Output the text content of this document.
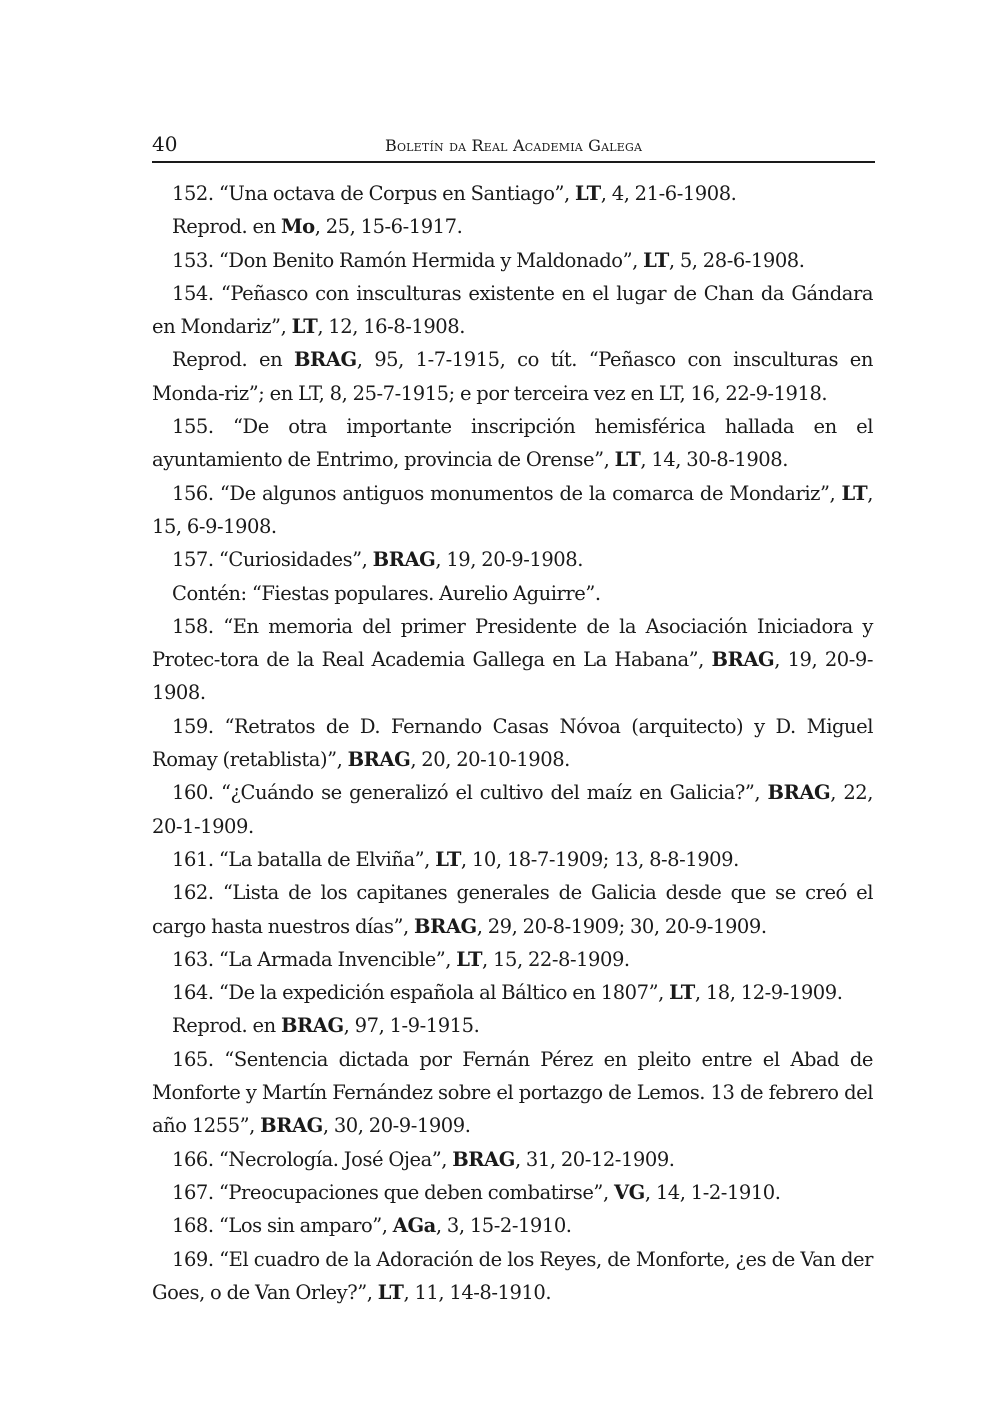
40	Boletín da Real Academia Galega

152. “Una octava de Corpus en Santiago”, LT, 4, 21-6-1908.

Reprod. en Mo, 25, 15-6-1917.

153. “Don Benito Ramón Hermida y Maldonado”, LT, 5, 28-6-1908.

154. “Peñasco con insculturas existente en el lugar de Chan da Gándara en Mondariz”, LT, 12, 16-8-1908.

Reprod. en BRAG, 95, 1-7-1915, co tít. “Peñasco con insculturas en Monda-riz”; en LT, 8, 25-7-1915; e por terceira vez en LT, 16, 22-9-1918.

155. “De otra importante inscripción hemisférica hallada en el ayuntamiento de Entrimo, provincia de Orense”, LT, 14, 30-8-1908.

156. “De algunos antiguos monumentos de la comarca de Mondariz”, LT, 15, 6-9-1908.

157. “Curiosidades”, BRAG, 19, 20-9-1908.

Contén: “Fiestas populares. Aurelio Aguirre”.

158. “En memoria del primer Presidente de la Asociación Iniciadora y Protec-tora de la Real Academia Gallega en La Habana”, BRAG, 19, 20-9-1908.

159. “Retratos de D. Fernando Casas Nóvoa (arquitecto) y D. Miguel Romay (retablista)”, BRAG, 20, 20-10-1908.

160. “¿Cuándo se generalizó el cultivo del maíz en Galicia?”, BRAG, 22, 20-1-1909.

161. “La batalla de Elviña”, LT, 10, 18-7-1909; 13, 8-8-1909.

162. “Lista de los capitanes generales de Galicia desde que se creó el cargo hasta nuestros días”, BRAG, 29, 20-8-1909; 30, 20-9-1909.

163. “La Armada Invencible”, LT, 15, 22-8-1909.

164. “De la expedición española al Báltico en 1807”, LT, 18, 12-9-1909.

Reprod. en BRAG, 97, 1-9-1915.

165. “Sentencia dictada por Fernán Pérez en pleito entre el Abad de Monforte y Martín Fernández sobre el portazgo de Lemos. 13 de febrero del año 1255”, BRAG, 30, 20-9-1909.

166. “Necrología. José Ojea”, BRAG, 31, 20-12-1909.

167. “Preocupaciones que deben combatirse”, VG, 14, 1-2-1910.

168. “Los sin amparo”, AGa, 3, 15-2-1910.

169. “El cuadro de la Adoración de los Reyes, de Monforte, ¿es de Van der Goes, o de Van Orley?”, LT, 11, 14-8-1910.
